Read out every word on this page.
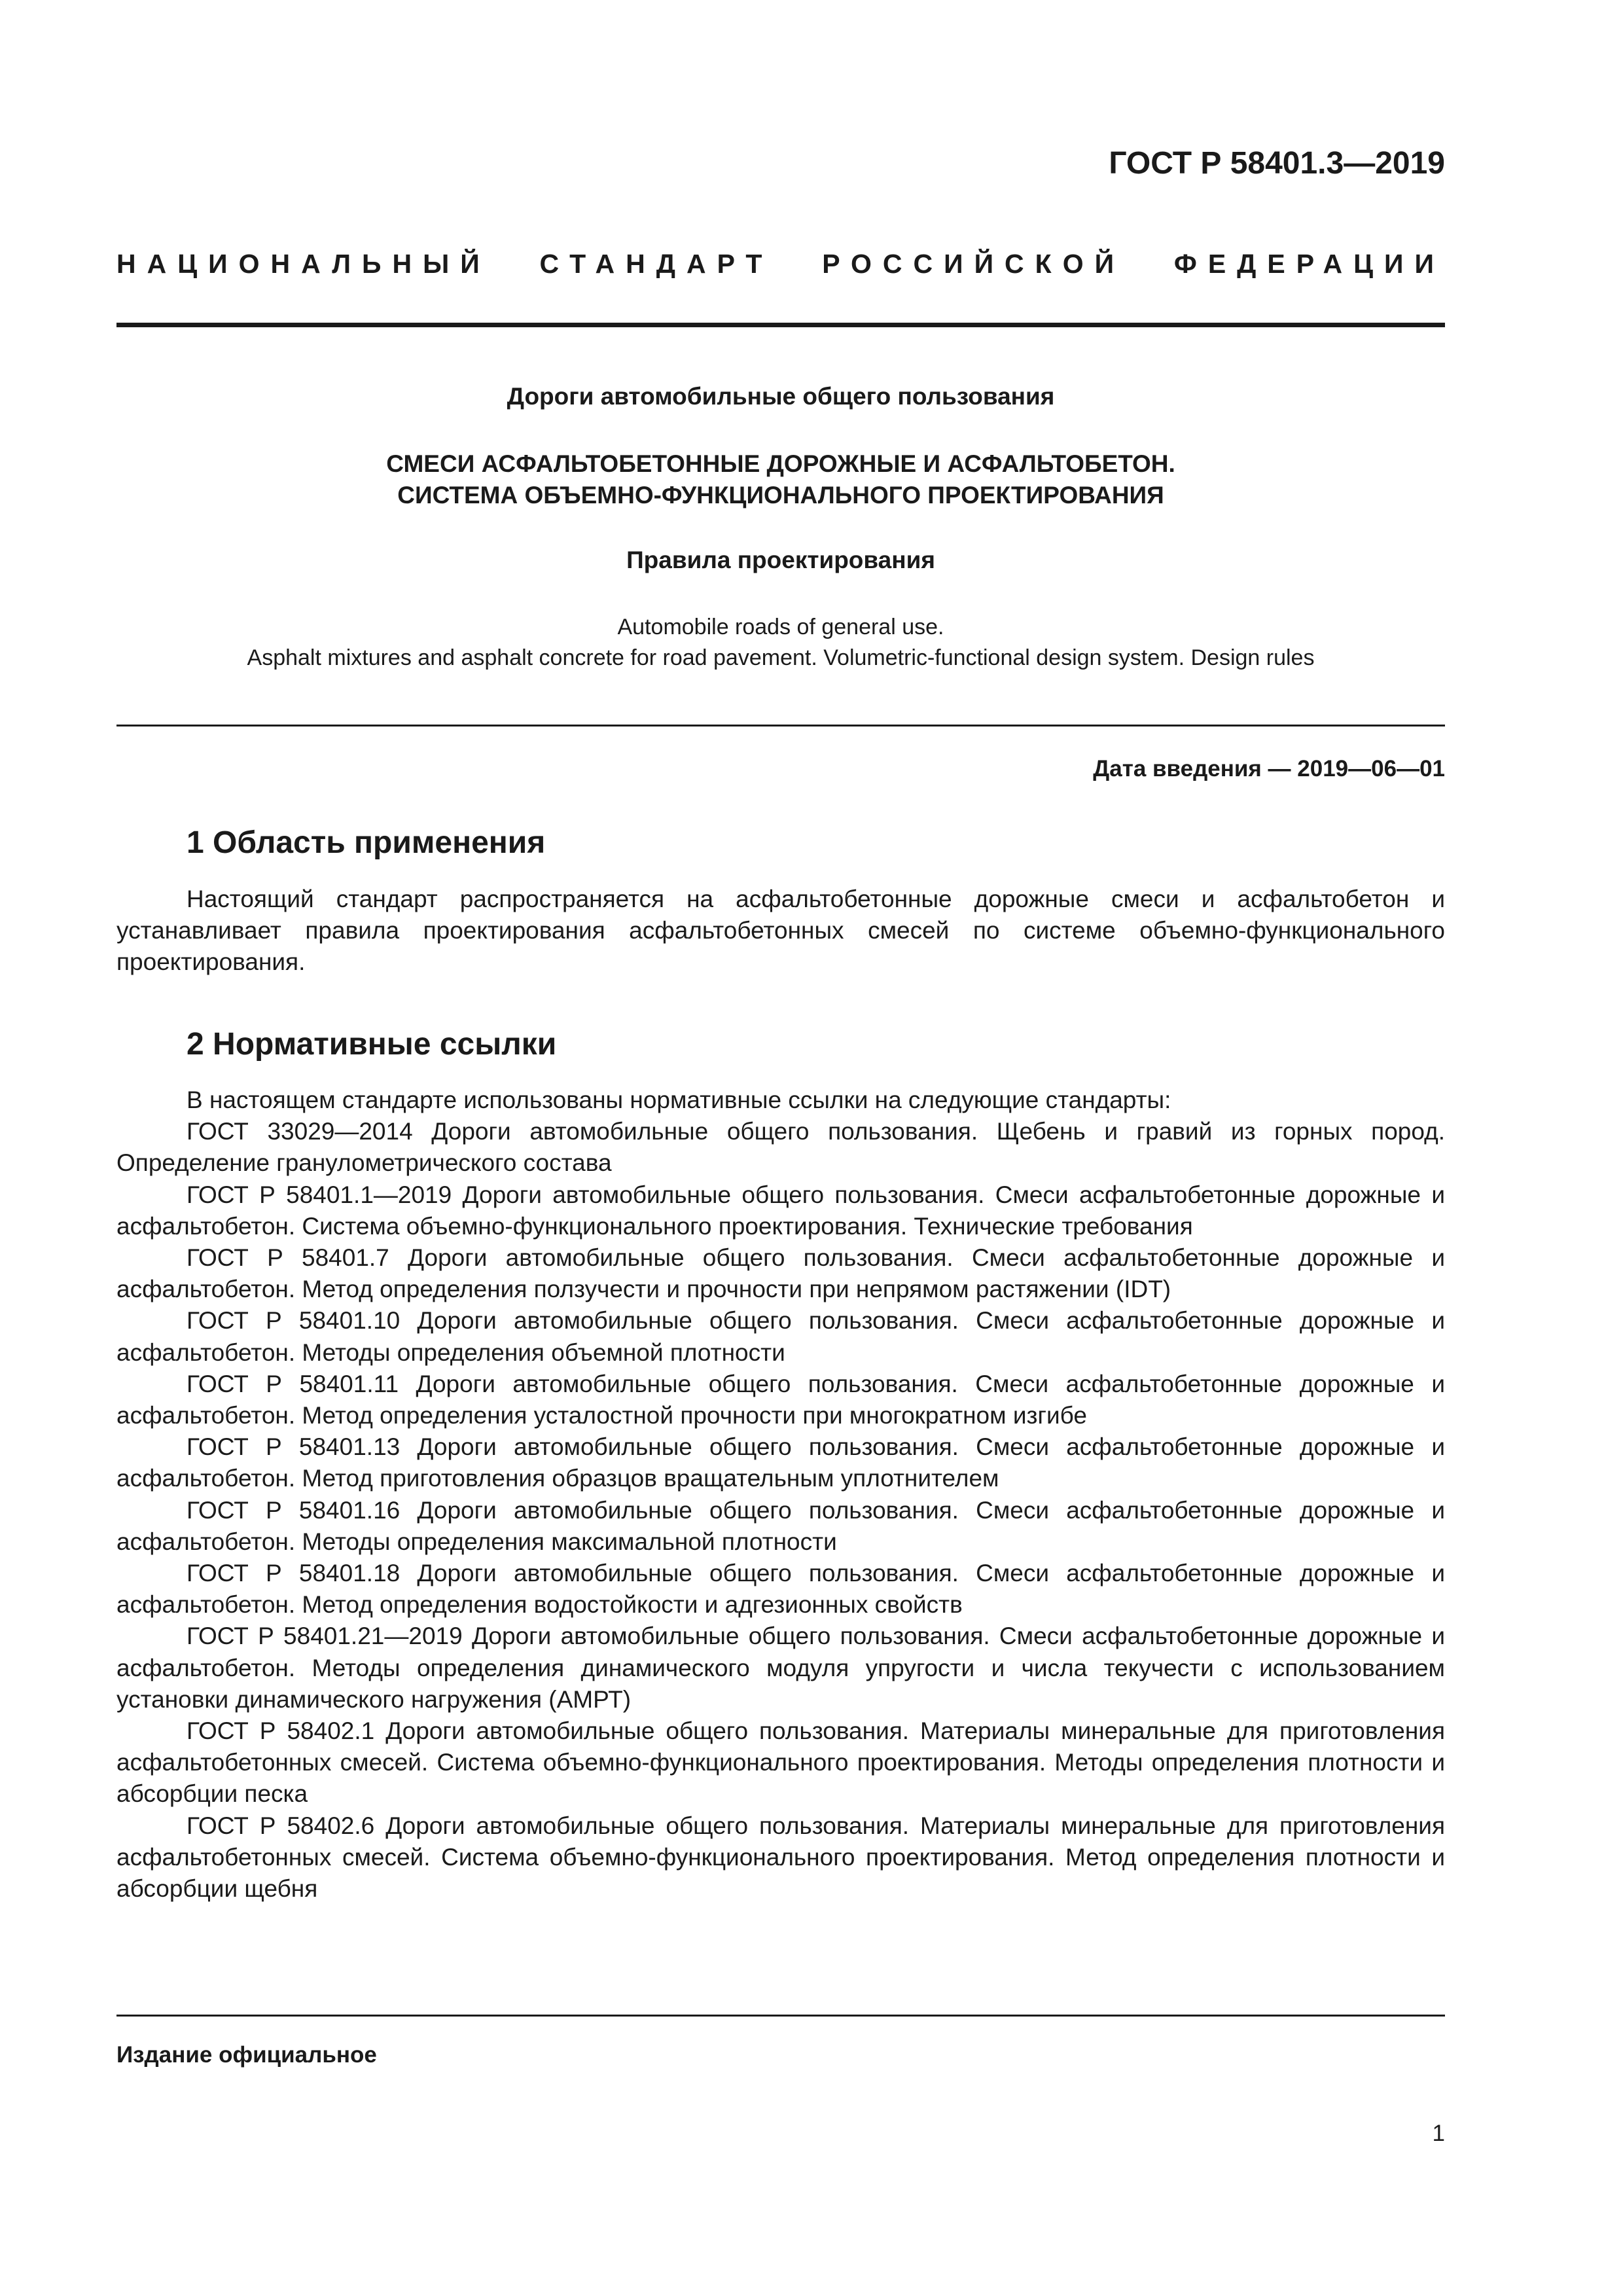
ГОСТ Р 58401.3—2019
НАЦИОНАЛЬНЫЙ СТАНДАРТ РОССИЙСКОЙ ФЕДЕРАЦИИ
Дороги автомобильные общего пользования
СМЕСИ АСФАЛЬТОБЕТОННЫЕ ДОРОЖНЫЕ И АСФАЛЬТОБЕТОН.
СИСТЕМА ОБЪЕМНО-ФУНКЦИОНАЛЬНОГО ПРОЕКТИРОВАНИЯ
Правила проектирования
Automobile roads of general use.
Asphalt mixtures and asphalt concrete for road pavement. Volumetric-functional design system. Design rules
Дата введения — 2019—06—01
1 Область применения

Настоящий стандарт распространяется на асфальтобетонные дорожные смеси и асфальтобетон и устанавливает правила проектирования асфальтобетонных смесей по системе объемно-функционального проектирования.

2 Нормативные ссылки

В настоящем стандарте использованы нормативные ссылки на следующие стандарты:

ГОСТ 33029—2014 Дороги автомобильные общего пользования. Щебень и гравий из горных пород. Определение гранулометрического состава

ГОСТ Р 58401.1—2019 Дороги автомобильные общего пользования. Смеси асфальтобетонные дорожные и асфальтобетон. Система объемно-функционального проектирования. Технические требования

ГОСТ Р 58401.7 Дороги автомобильные общего пользования. Смеси асфальтобетонные дорожные и асфальтобетон. Метод определения ползучести и прочности при непрямом растяжении (IDT)

ГОСТ Р 58401.10 Дороги автомобильные общего пользования. Смеси асфальтобетонные дорожные и асфальтобетон. Методы определения объемной плотности

ГОСТ Р 58401.11 Дороги автомобильные общего пользования. Смеси асфальтобетонные дорожные и асфальтобетон. Метод определения усталостной прочности при многократном изгибе

ГОСТ Р 58401.13 Дороги автомобильные общего пользования. Смеси асфальтобетонные дорожные и асфальтобетон. Метод приготовления образцов вращательным уплотнителем

ГОСТ Р 58401.16 Дороги автомобильные общего пользования. Смеси асфальтобетонные дорожные и асфальтобетон. Методы определения максимальной плотности

ГОСТ Р 58401.18 Дороги автомобильные общего пользования. Смеси асфальтобетонные дорожные и асфальтобетон. Метод определения водостойкости и адгезионных свойств

ГОСТ Р 58401.21—2019 Дороги автомобильные общего пользования. Смеси асфальтобетонные дорожные и асфальтобетон. Методы определения динамического модуля упругости и числа текучести с использованием установки динамического нагружения (АМРТ)

ГОСТ Р 58402.1 Дороги автомобильные общего пользования. Материалы минеральные для приготовления асфальтобетонных смесей. Система объемно-функционального проектирования. Методы определения плотности и абсорбции песка

ГОСТ Р 58402.6 Дороги автомобильные общего пользования. Материалы минеральные для приготовления асфальтобетонных смесей. Система объемно-функционального проектирования. Метод определения плотности и абсорбции щебня

Издание официальное
1
